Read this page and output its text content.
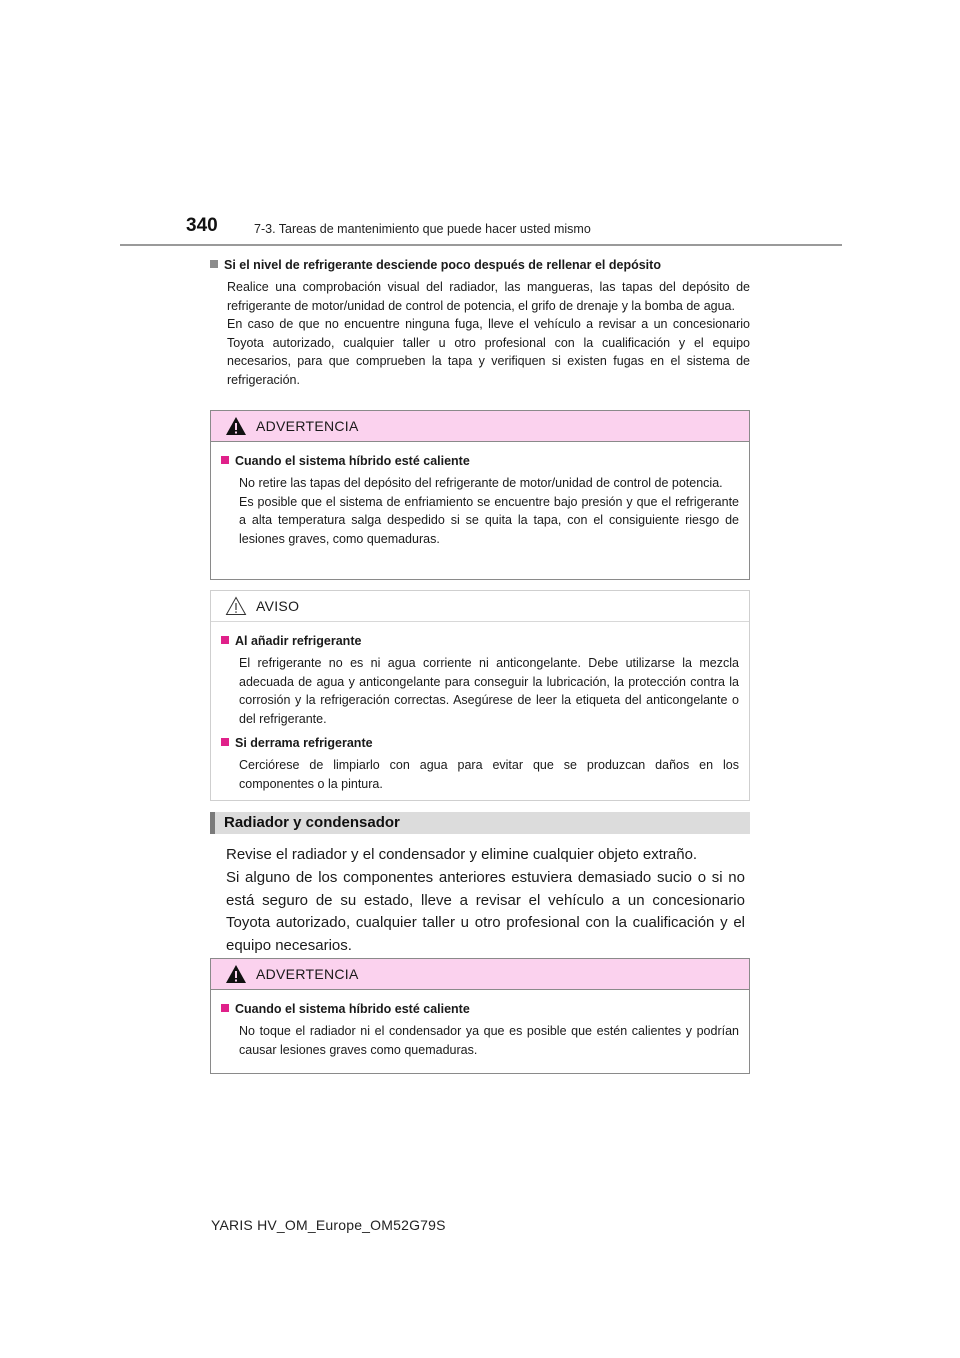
340	7-3. Tareas de mantenimiento que puede hacer usted mismo
Si el nivel de refrigerante desciende poco después de rellenar el depósito

Realice una comprobación visual del radiador, las mangueras, las tapas del depósito de refrigerante de motor/unidad de control de potencia, el grifo de drenaje y la bomba de agua.

En caso de que no encuentre ninguna fuga, lleve el vehículo a revisar a un concesionario Toyota autorizado, cualquier taller u otro profesional con la cualificación y el equipo necesarios, para que comprueben la tapa y verifiquen si existen fugas en el sistema de refrigeración.

ADVERTENCIA
Cuando el sistema híbrido esté caliente

No retire las tapas del depósito del refrigerante de motor/unidad de control de potencia.

Es posible que el sistema de enfriamiento se encuentre bajo presión y que el refrigerante a alta temperatura salga despedido si se quita la tapa, con el consiguiente riesgo de lesiones graves, como quemaduras.

AVISO
Al añadir refrigerante

El refrigerante no es ni agua corriente ni anticongelante. Debe utilizarse la mezcla adecuada de agua y anticongelante para conseguir la lubricación, la protección contra la corrosión y la refrigeración correctas. Asegúrese de leer la etiqueta del anticongelante o del refrigerante.

Si derrama refrigerante

Cerciórese de limpiarlo con agua para evitar que se produzcan daños en los componentes o la pintura.

Radiador y condensador

Revise el radiador y el condensador y elimine cualquier objeto extraño.

Si alguno de los componentes anteriores estuviera demasiado sucio o si no está seguro de su estado, lleve a revisar el vehículo a un concesionario Toyota autorizado, cualquier taller u otro profesional con la cualificación y el equipo necesarios.

ADVERTENCIA
Cuando el sistema híbrido esté caliente

No toque el radiador ni el condensador ya que es posible que estén calientes y podrían causar lesiones graves como quemaduras.

YARIS HV_OM_Europe_OM52G79S
